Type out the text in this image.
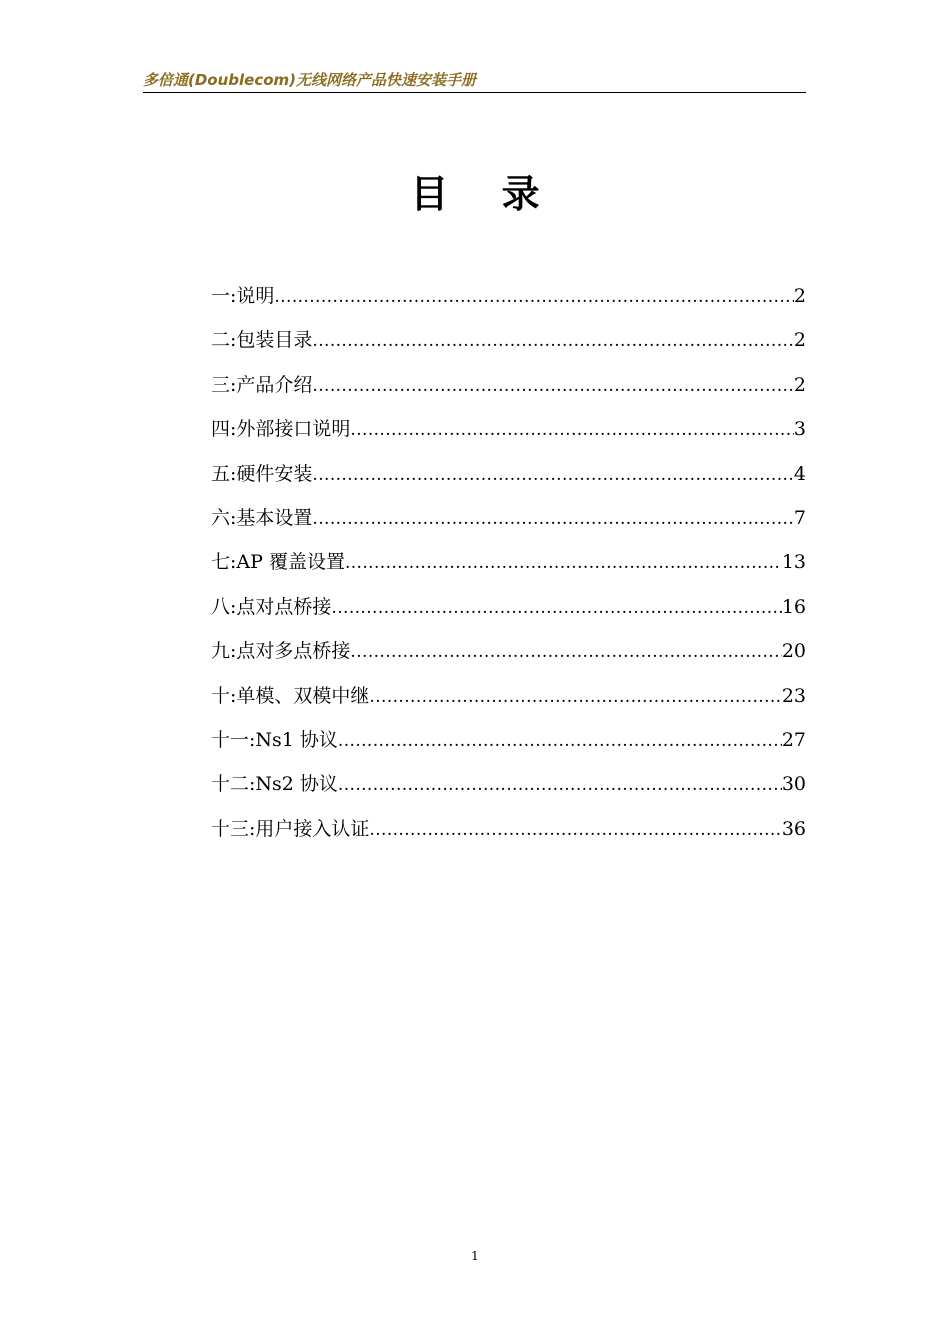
多倍通(Doublecom)无线网络产品快速安装手册
目 录
一:说明 .....	2
二:包装目录 .....	2
三:产品介绍 .....	2
四:外部接口说明 .....	3
五:硬件安装 .....	4
六:基本设置 .....	7
七:AP 覆盖设置 .....	13
八:点对点桥接 .....	16
九:点对多点桥接 .....	20
十:单模、双模中继 .....	23
十一:Ns1 协议 .....	27
十二:Ns2 协议 .....	30
十三:用户接入认证 .....	36
1
